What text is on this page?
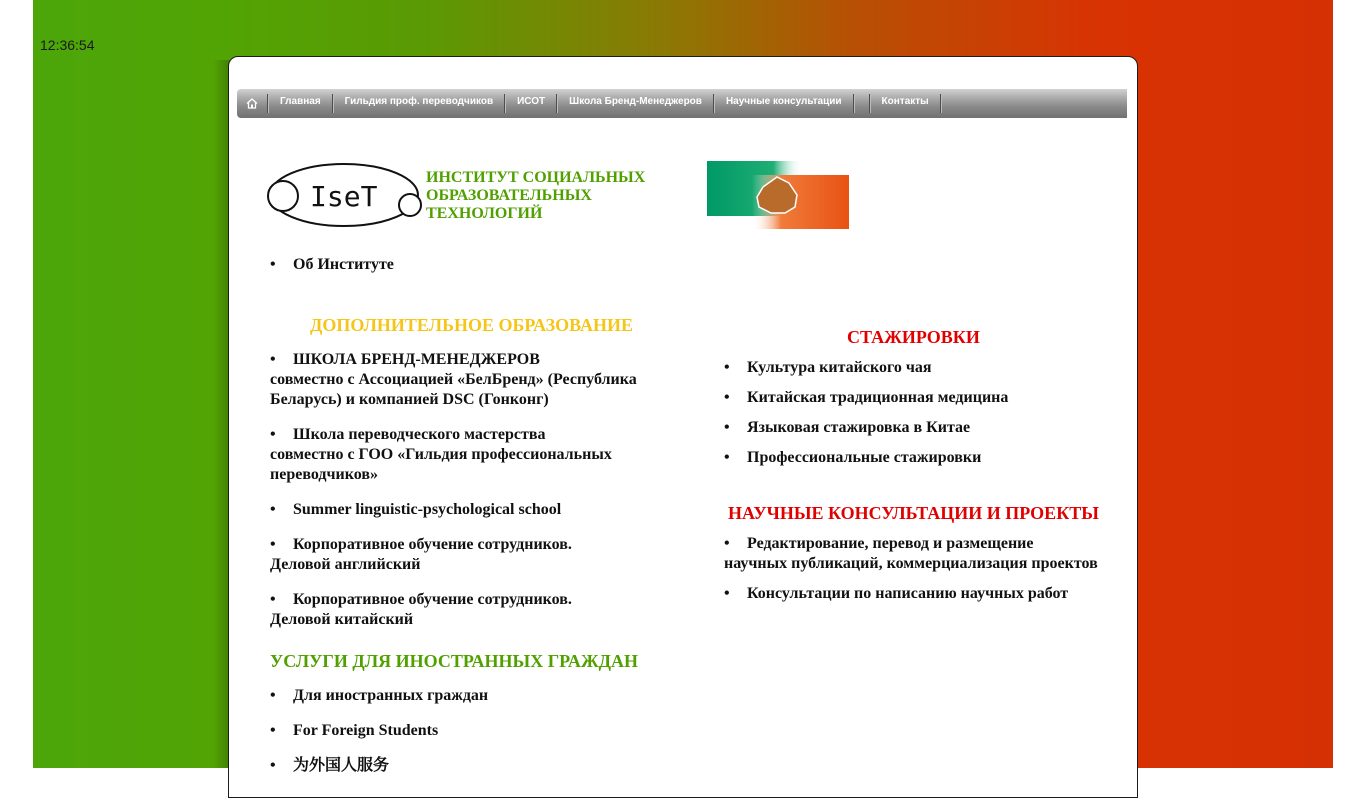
12:36:54
Главная	Гильдия проф. переводчиков	ИСОТ	Школа Бренд-Менеджеров	Научные консультации	Контакты
IseT
ИНСТИТУТ СОЦИАЛЬНЫХ ОБРАЗОВАТЕЛЬНЫХ ТЕХНОЛОГИЙ
• Об Институте
ДОПОЛНИТЕЛЬНОЕ ОБРАЗОВАНИЕ
• ШКОЛА БРЕНД-МЕНЕДЖЕРОВ
совместно с Ассоциацией «БелБренд» (Республика
Беларусь) и компанией DSC (Гонконг)
• Школа переводческого мастерства
совместно с ГОО «Гильдия профессиональных
переводчиков»
• Summer linguistic-psychological school
• Корпоративное обучение сотрудников.
Деловой английский
• Корпоративное обучение сотрудников.
Деловой китайский
УСЛУГИ ДЛЯ ИНОСТРАННЫХ ГРАЖДАН
• Для иностранных граждан
• For Foreign Students
• 为外国人服务
СТАЖИРОВКИ
• Культура китайского чая
• Китайская традиционная медицина
• Языковая стажировка в Китае
• Профессиональные стажировки
НАУЧНЫЕ КОНСУЛЬТАЦИИ И ПРОЕКТЫ
• Редактирование, перевод и размещение
научных публикаций, коммерциализация проектов
• Консультации по написанию научных работ
